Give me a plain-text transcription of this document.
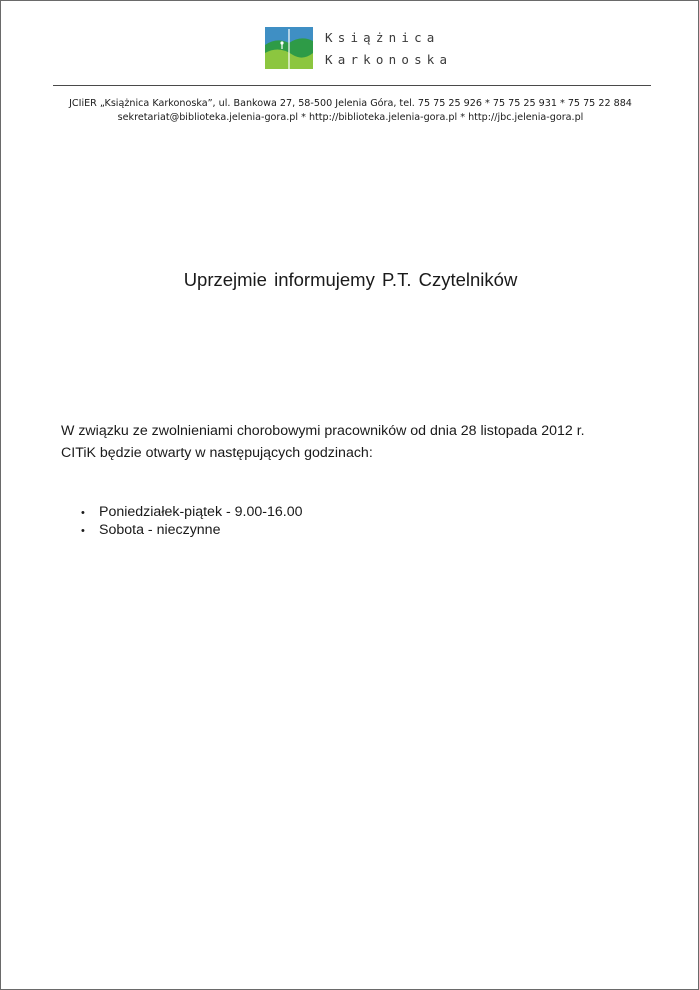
Książnica
Karkonoska
JCIiER „Książnica Karkonoska”, ul. Bankowa 27, 58-500 Jelenia Góra, tel. 75 75 25 926 * 75 75 25 931 * 75 75 22 884
sekretariat@biblioteka.jelenia-gora.pl * http://biblioteka.jelenia-gora.pl * http://jbc.jelenia-gora.pl
Uprzejmie informujemy P.T. Czytelników
W związku ze zwolnieniami chorobowymi pracowników od dnia 28 listopada 2012 r.
CITiK będzie otwarty w następujących godzinach:
• Poniedziałek-piątek - 9.00-16.00
• Sobota - nieczynne
